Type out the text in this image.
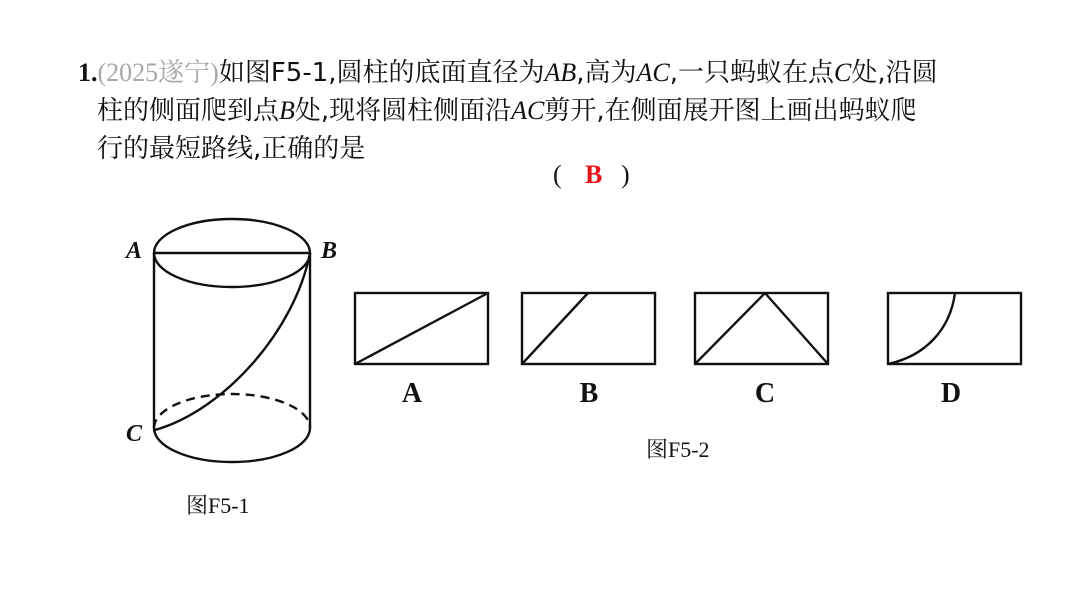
1.(2025遂宁)如图F5-1,圆柱的底面直径为AB,高为AC,一只蚂蚁在点C处,沿圆
柱的侧面爬到点B处,现将圆柱侧面沿AC剪开,在侧面展开图上画出蚂蚁爬
行的最短路线,正确的是
( B )
A	B
C
图F5-1
A	B	C	D
图F5-2
